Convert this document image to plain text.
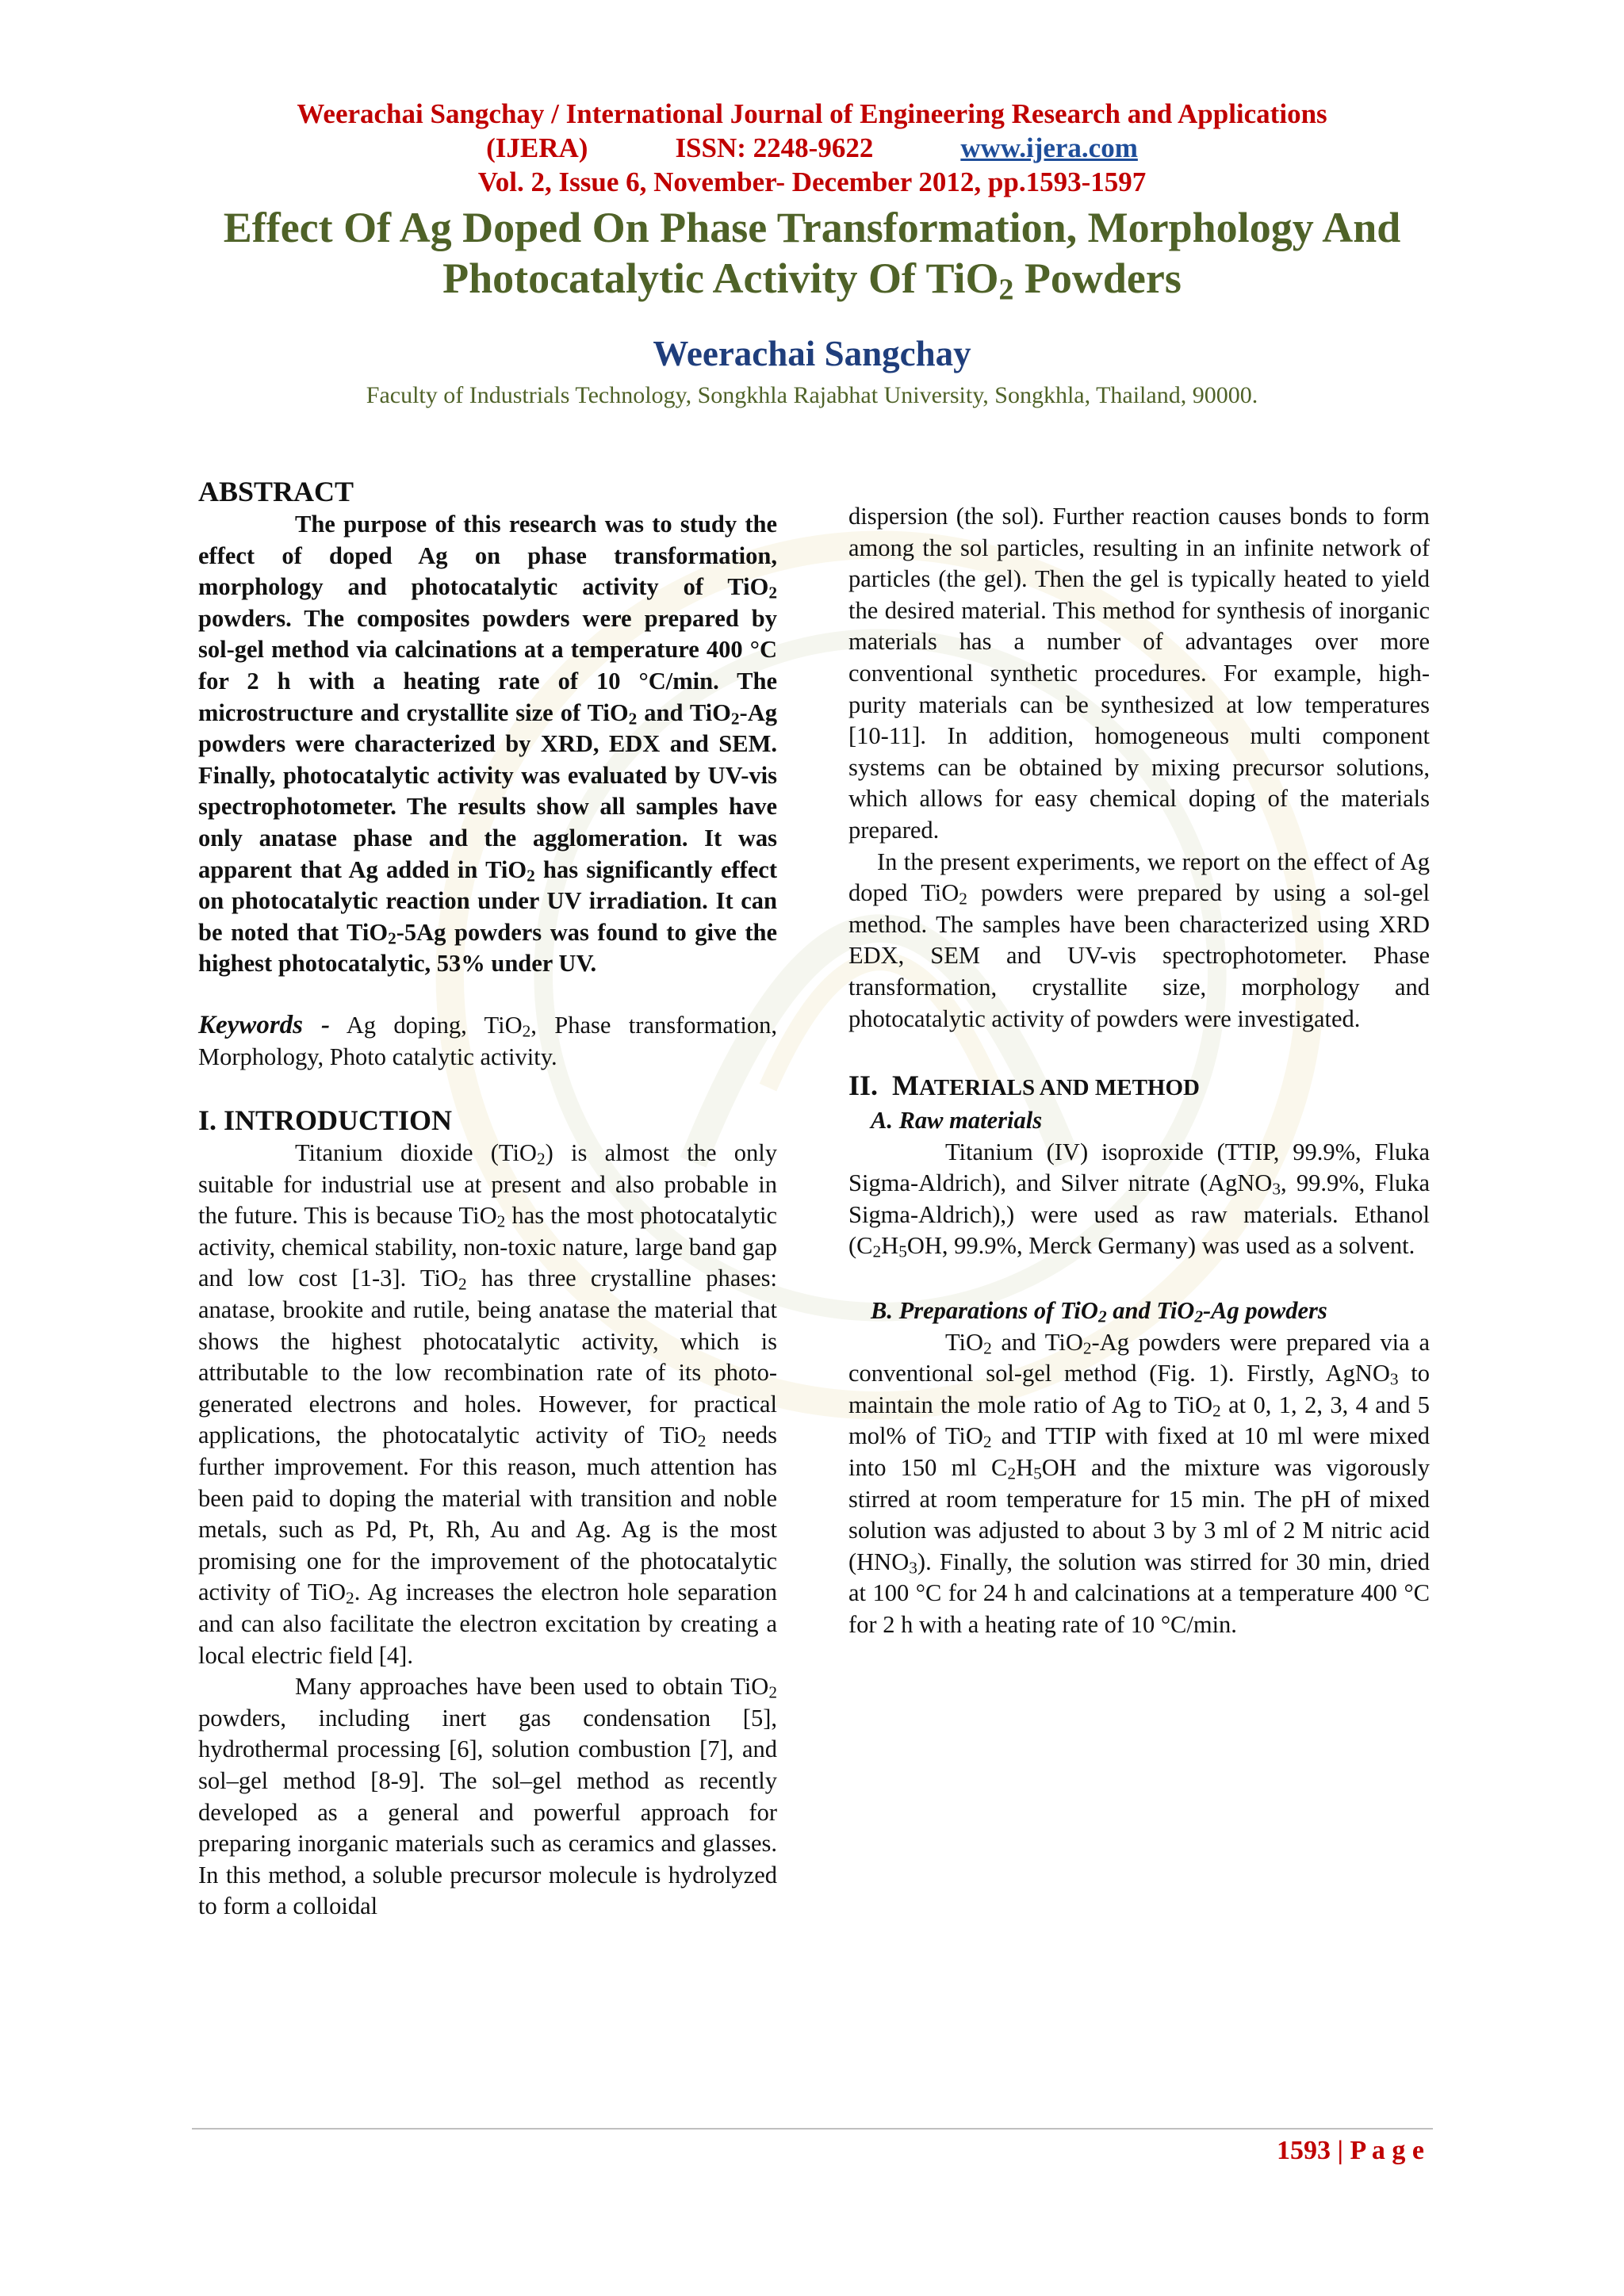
Weerachai Sangchay / International Journal of Engineering Research and Applications
(IJERA)	ISSN: 2248-9622	www.ijera.com
Vol. 2, Issue 6, November- December 2012, pp.1593-1597
Effect Of Ag Doped On Phase Transformation, Morphology And
Photocatalytic Activity Of TiO$_2$ Powders
Weerachai Sangchay
Faculty of Industrials Technology, Songkhla Rajabhat University, Songkhla, Thailand, 90000.
ABSTRACT

The purpose of this research was to study the effect of doped Ag on phase transformation, morphology and photocatalytic activity of TiO$_2$ powders. The composites powders were prepared by sol-gel method via calcinations at a temperature 400 °C for 2 h with a heating rate of 10 °C/min. The microstructure and crystallite size of TiO$_2$ and TiO$_2$-Ag powders were characterized by XRD, EDX and SEM. Finally, photocatalytic activity was evaluated by UV-vis spectrophotometer. The results show all samples have only anatase phase and the agglomeration. It was apparent that Ag added in TiO$_2$ has significantly effect on photocatalytic reaction under UV irradiation. It can be noted that TiO$_2$-5Ag powders was found to give the highest photocatalytic, 53% under UV.

Keywords - Ag doping, TiO$_2$, Phase transformation, Morphology, Photo catalytic activity.

I. INTRODUCTION

Titanium dioxide (TiO$_2$) is almost the only suitable for industrial use at present and also probable in the future. This is because TiO$_2$ has the most photocatalytic activity, chemical stability, non-toxic nature, large band gap and low cost [1-3]. TiO$_2$ has three crystalline phases: anatase, brookite and rutile, being anatase the material that shows the highest photocatalytic activity, which is attributable to the low recombination rate of its photo-generated electrons and holes. However, for practical applications, the photocatalytic activity of TiO$_2$ needs further improvement. For this reason, much attention has been paid to doping the material with transition and noble metals, such as Pd, Pt, Rh, Au and Ag. Ag is the most promising one for the improvement of the photocatalytic activity of TiO$_2$. Ag increases the electron hole separation and can also facilitate the electron excitation by creating a local electric field [4].

Many approaches have been used to obtain TiO$_2$ powders, including inert gas condensation [5], hydrothermal processing [6], solution combustion [7], and sol–gel method [8-9]. The sol–gel method as recently developed as a general and powerful approach for preparing inorganic materials such as ceramics and glasses. In this method, a soluble precursor molecule is hydrolyzed to form a colloidal

dispersion (the sol). Further reaction causes bonds to form among the sol particles, resulting in an infinite network of particles (the gel). Then the gel is typically heated to yield the desired material. This method for synthesis of inorganic materials has a number of advantages over more conventional synthetic procedures. For example, high-purity materials can be synthesized at low temperatures [10-11]. In addition, homogeneous multi component systems can be obtained by mixing precursor solutions, which allows for easy chemical doping of the materials prepared.

In the present experiments, we report on the effect of Ag doped TiO$_2$ powders were prepared by using a sol-gel method. The samples have been characterized using XRD EDX, SEM and UV-vis spectrophotometer. Phase transformation, crystallite size, morphology and photocatalytic activity of powders were investigated.

II. MATERIALS AND METHOD

A. Raw materials

Titanium (IV) isoproxide (TTIP, 99.9%, Fluka Sigma-Aldrich), and Silver nitrate (AgNO$_3$, 99.9%, Fluka Sigma-Aldrich),) were used as raw materials. Ethanol ($C_2H_5OH$, 99.9%, Merck Germany) was used as a solvent.

B. Preparations of TiO$_2$ and TiO$_2$-Ag powders

TiO$_2$ and TiO$_2$-Ag powders were prepared via a conventional sol-gel method (Fig. 1). Firstly, AgNO$_3$ to maintain the mole ratio of Ag to TiO$_2$ at 0, 1, 2, 3, 4 and 5 mol% of TiO$_2$ and TTIP with fixed at 10 ml were mixed into 150 ml $C_2H_5OH$ and the mixture was vigorously stirred at room temperature for 15 min. The pH of mixed solution was adjusted to about 3 by 3 ml of 2 M nitric acid $(HNO_3)$. Finally, the solution was stirred for 30 min, dried at 100 °C for 24 h and calcinations at a temperature 400 °C for 2 h with a heating rate of 10 °C/min.

1593 | P a g e
